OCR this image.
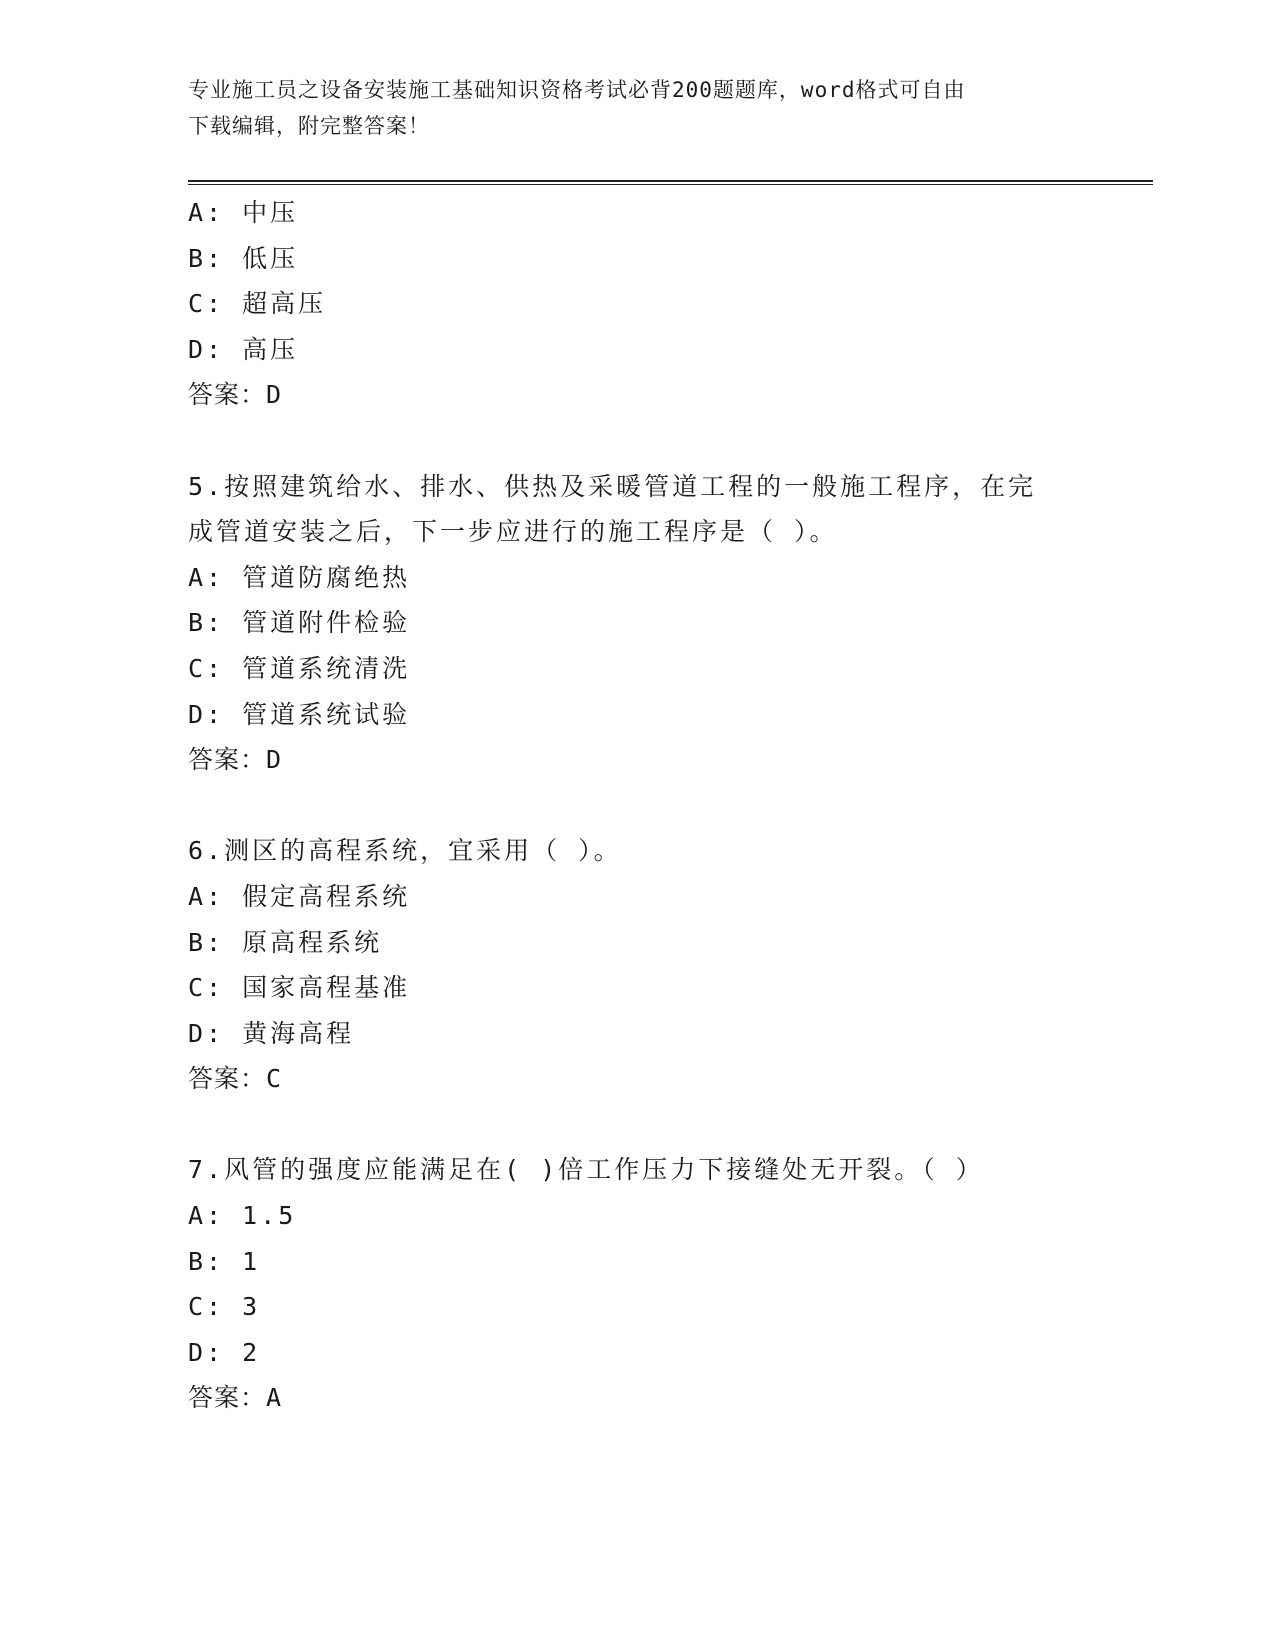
专业施工员之设备安装施工基础知识资格考试必背200题题库，word格式可自由
下载编辑，附完整答案！
A: 中压
B: 低压
C: 超高压
D: 高压
答案：D
5.按照建筑给水、排水、供热及采暖管道工程的一般施工程序，在完
成管道安装之后，下一步应进行的施工程序是（ ）。
A: 管道防腐绝热
B: 管道附件检验
C: 管道系统清洗
D: 管道系统试验
答案：D
6.测区的高程系统，宜采用（ ）。
A: 假定高程系统
B: 原高程系统
C: 国家高程基准
D: 黄海高程
答案：C
7.风管的强度应能满足在( )倍工作压力下接缝处无开裂。（ ）
A: 1.5
B: 1
C: 3
D: 2
答案：A
